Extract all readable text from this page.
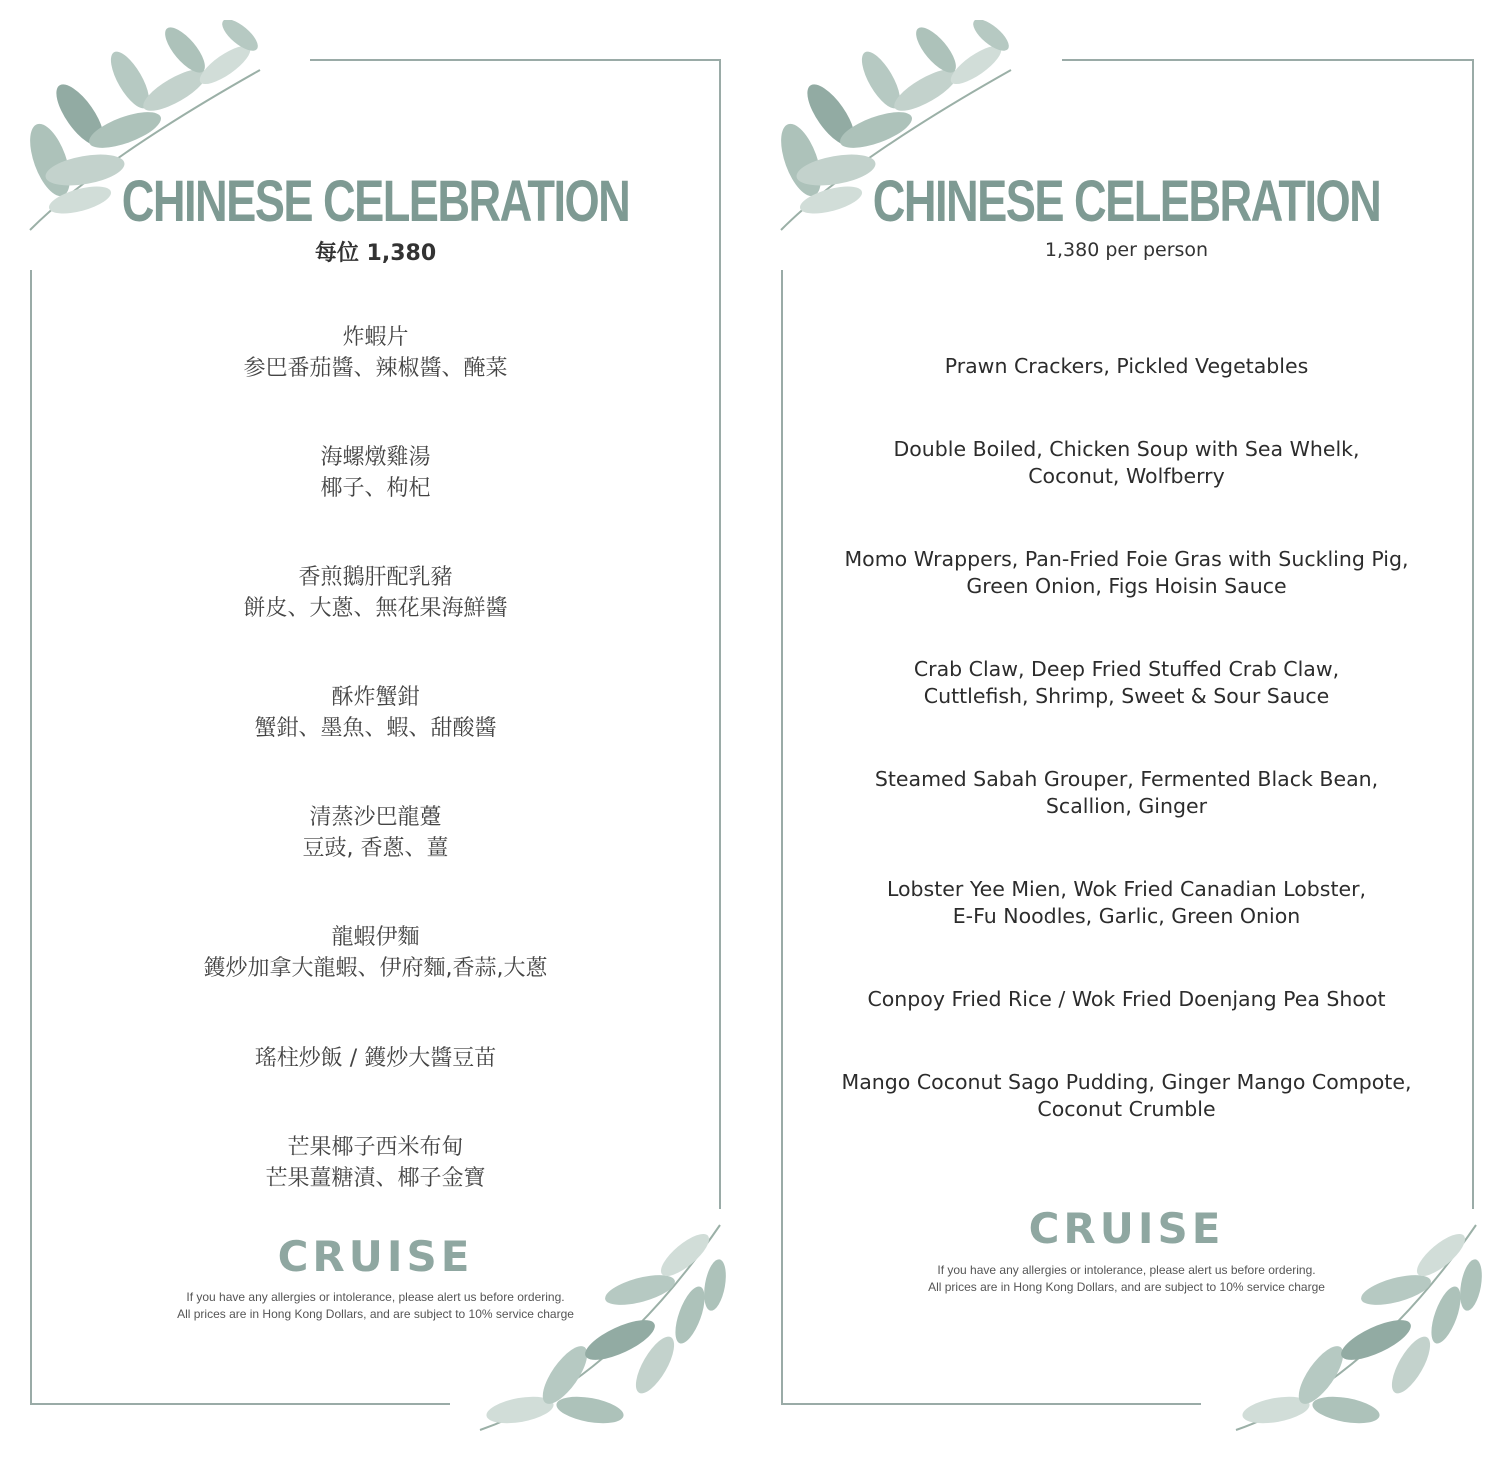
CHINESE CELEBRATION
每位 1,380
炸蝦片
参巴番茄醬、辣椒醬、醃菜
海螺燉雞湯
椰子、枸杞
香煎鵝肝配乳豬
餅皮、大蔥、無花果海鮮醬
酥炸蟹鉗
蟹鉗、墨魚、蝦、甜酸醬
清蒸沙巴龍躉
豆豉, 香蔥、薑
龍蝦伊麵
鑊炒加拿大龍蝦、伊府麵,香蒜,大蔥
瑤柱炒飯 / 鑊炒大醬豆苗
芒果椰子西米布甸
芒果薑糖漬、椰子金寶
CRUISE
If you have any allergies or intolerance, please alert us before ordering.
All prices are in Hong Kong Dollars, and are subject to 10% service charge
CHINESE CELEBRATION
1,380 per person
Prawn Crackers, Pickled Vegetables
Double Boiled, Chicken Soup with Sea Whelk,
Coconut, Wolfberry
Momo Wrappers, Pan-Fried Foie Gras with Suckling Pig,
Green Onion, Figs Hoisin Sauce
Crab Claw, Deep Fried Stuffed Crab Claw,
Cuttlefish, Shrimp, Sweet & Sour Sauce
Steamed Sabah Grouper, Fermented Black Bean,
Scallion, Ginger
Lobster Yee Mien, Wok Fried Canadian Lobster,
E-Fu Noodles, Garlic, Green Onion
Conpoy Fried Rice / Wok Fried Doenjang Pea Shoot
Mango Coconut Sago Pudding, Ginger Mango Compote,
Coconut Crumble
CRUISE
If you have any allergies or intolerance, please alert us before ordering.
All prices are in Hong Kong Dollars, and are subject to 10% service charge
